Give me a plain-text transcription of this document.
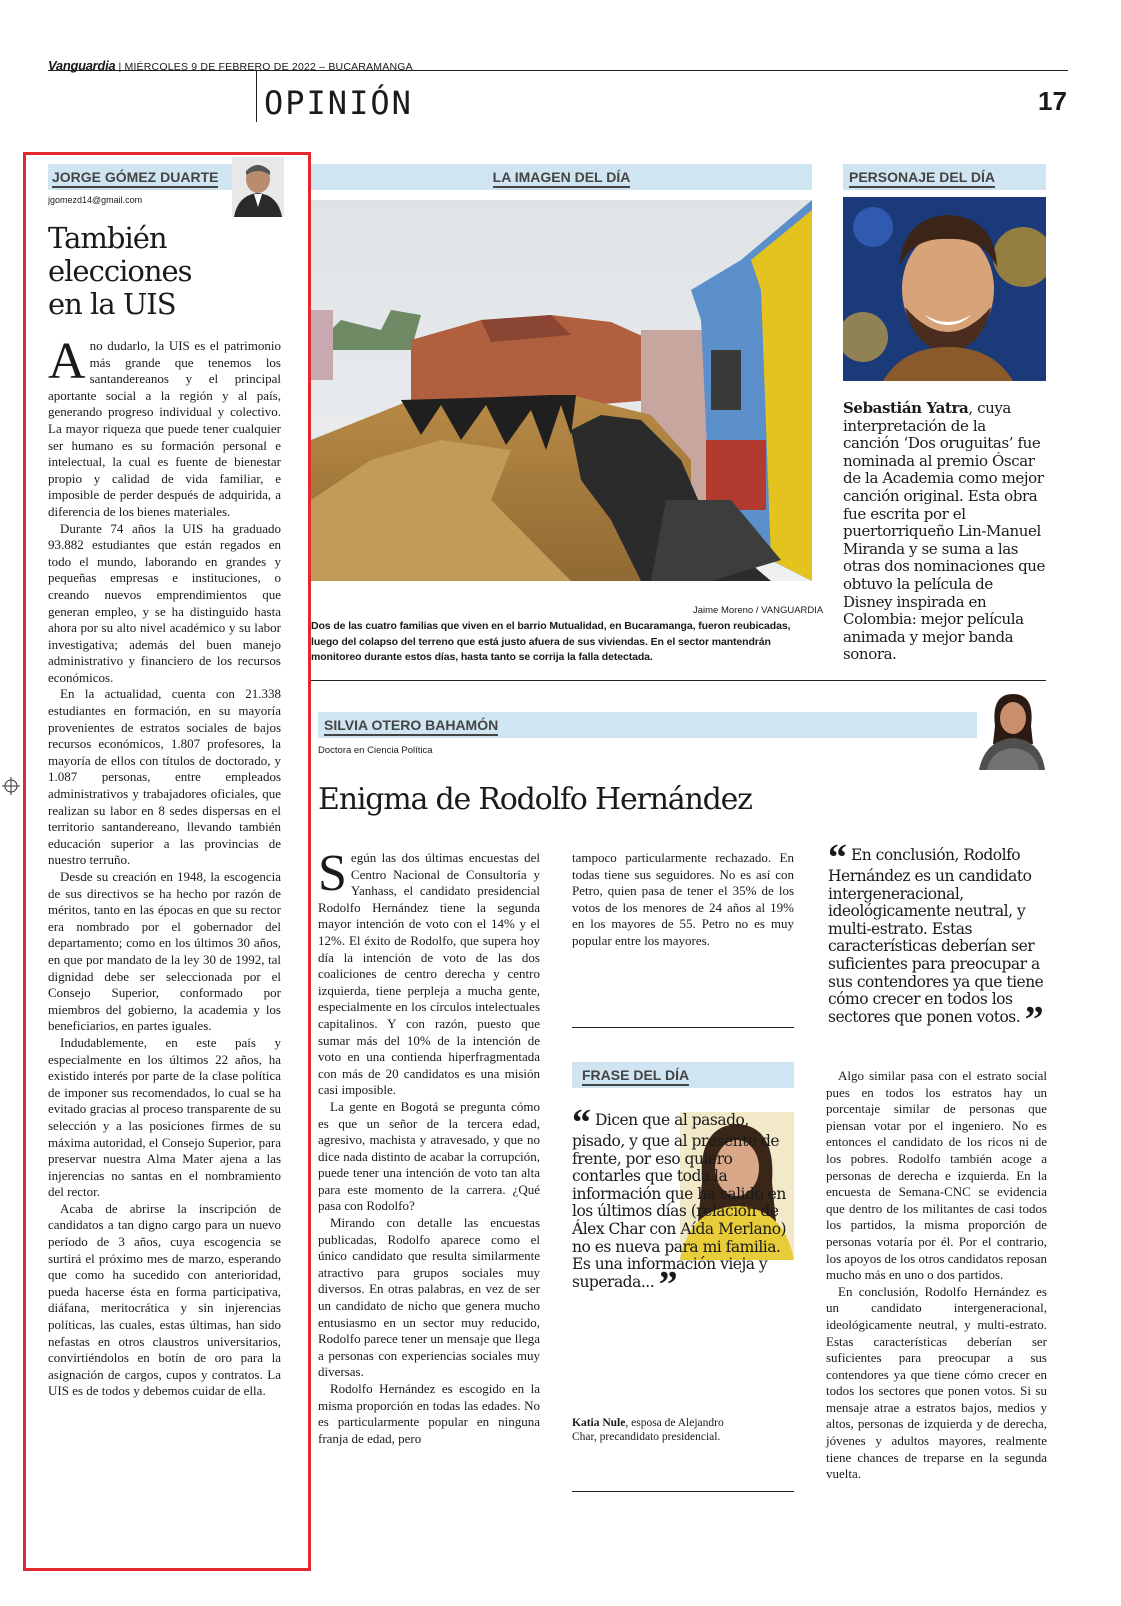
Vanguardia | MIÉRCOLES 9 DE FEBRERO DE 2022 – BUCARAMANGA
OPINIÓN	17
JORGE GÓMEZ DUARTE
jgomezd14@gmail.com
También elecciones en la UIS

Ano dudarlo, la UIS es el patrimonio más grande que tenemos los santandereanos y el principal aportante social a la región y al país, generando progreso individual y colectivo. La mayor riqueza que puede tener cualquier ser humano es su formación personal e intelectual, la cual es fuente de bienestar propio y calidad de vida familiar, e imposible de perder después de adquirida, a diferencia de los bienes materiales.

Durante 74 años la UIS ha graduado 93.882 estudiantes que están regados en todo el mundo, laborando en grandes y pequeñas empresas e instituciones, o creando nuevos emprendimientos que generan empleo, y se ha distinguido hasta ahora por su alto nivel académico y su labor investigativa; además del buen manejo administrativo y financiero de los recursos económicos.

En la actualidad, cuenta con 21.338 estudiantes en formación, en su mayoría provenientes de estratos sociales de bajos recursos económicos, 1.807 profesores, la mayoría de ellos con títulos de doctorado, y 1.087 personas, entre empleados administrativos y trabajadores oficiales, que realizan su labor en 8 sedes dispersas en el territorio santandereano, llevando también educación superior a las provincias de nuestro terruño.

Desde su creación en 1948, la escogencia de sus directivos se ha hecho por razón de méritos, tanto en las épocas en que su rector era nombrado por el gobernador del departamento; como en los últimos 30 años, en que por mandato de la ley 30 de 1992, tal dignidad debe ser seleccionada por el Consejo Superior, conformado por miembros del gobierno, la academia y los beneficiarios, en partes iguales.

Indudablemente, en este país y especialmente en los últimos 22 años, ha existido interés por parte de la clase política de imponer sus recomendados, lo cual se ha evitado gracias al proceso transparente de su selección y a las posiciones firmes de su máxima autoridad, el Consejo Superior, para preservar nuestra Alma Mater ajena a las injerencias no santas en el nombramiento del rector.

Acaba de abrirse la inscripción de candidatos a tan digno cargo para un nuevo período de 3 años, cuya escogencia se surtirá el próximo mes de marzo, esperando que como ha sucedido con anterioridad, pueda hacerse ésta en forma participativa, diáfana, meritocrática y sin injerencias políticas, las cuales, estas últimas, han sido nefastas en otros claustros universitarios, convirtiéndolos en botín de oro para la asignación de cargos, cupos y contratos. La UIS es de todos y debemos cuidar de ella.

LA IMAGEN DEL DÍA
Jaime Moreno / VANGUARDIA
Dos de las cuatro familias que viven en el barrio Mutualidad, en Bucaramanga, fueron reubicadas, luego del colapso del terreno que está justo afuera de sus viviendas. En el sector mantendrán monitoreo durante estos días, hasta tanto se corrija la falla detectada.
PERSONAJE DEL DÍA
Sebastián Yatra, cuya interpretación de la canción ‘Dos oruguitas’ fue nominada al premio Óscar de la Academia como mejor canción original. Esta obra fue escrita por el puertorriqueño Lin-Manuel Miranda y se suma a las otras dos nominaciones que obtuvo la película de Disney inspirada en Colombia: mejor película animada y mejor banda sonora.
SILVIA OTERO BAHAMÓN
Doctora en Ciencia Política
Enigma de Rodolfo Hernández

Según las dos últimas encuestas del Centro Nacional de Consultoría y Yanhass, el candidato presidencial Rodolfo Hernández tiene la segunda mayor intención de voto con el 14% y el 12%. El éxito de Rodolfo, que supera hoy día la intención de voto de las dos coaliciones de centro derecha y centro izquierda, tiene perpleja a mucha gente, especialmente en los círculos intelectuales capitalinos. Y con razón, puesto que sumar más del 10% de la intención de voto en una contienda hiperfragmentada con más de 20 candidatos es una misión casi imposible.

La gente en Bogotá se pregunta cómo es que un señor de la tercera edad, agresivo, machista y atravesado, y que no dice nada distinto de acabar la corrupción, puede tener una intención de voto tan alta para este momento de la carrera. ¿Qué pasa con Rodolfo?

Mirando con detalle las encuestas publicadas, Rodolfo aparece como el único candidato que resulta similarmente atractivo para grupos sociales muy diversos. En otras palabras, en vez de ser un candidato de nicho que genera mucho entusiasmo en un sector muy reducido, Rodolfo parece tener un mensaje que llega a personas con experiencias sociales muy diversas.

Rodolfo Hernández es escogido en la misma proporción en todas las edades. No es particularmente popular en ninguna franja de edad, pero

tampoco particularmente rechazado. En todas tiene sus seguidores. No es así con Petro, quien pasa de tener el 35% de los votos de los menores de 24 años al 19% en los mayores de 55. Petro no es muy popular entre los mayores.

“ En conclusión, Rodolfo Hernández es un candidato intergeneracional, ideológicamente neutral, y multi-estrato. Estas características deberían ser suficientes para preocupar a sus contendores ya que tiene cómo crecer en todos los sectores que ponen votos. ”
FRASE DEL DÍA
“ Dicen que al pasado, pisado, y que al presente de frente, por eso quiero contarles que toda la información que ha salido en los últimos días (relación de Álex Char con Aída Merlano) no es nueva para mi familia. Es una información vieja y superada... ”
Katia Nule, esposa de Alejandro Char, precandidato presidencial.

Algo similar pasa con el estrato social pues en todos los estratos hay un porcentaje similar de personas que piensan votar por el ingeniero. No es entonces el candidato de los ricos ni de los pobres. Rodolfo también acoge a personas de derecha e izquierda. En la encuesta de Semana-CNC se evidencia que dentro de los militantes de casi todos los partidos, la misma proporción de personas votaría por él. Por el contrario, los apoyos de los otros candidatos reposan mucho más en uno o dos partidos.

En conclusión, Rodolfo Hernández es un candidato intergeneracional, ideológicamente neutral, y multi-estrato. Estas características deberían ser suficientes para preocupar a sus contendores ya que tiene cómo crecer en todos los sectores que ponen votos. Si su mensaje atrae a estratos bajos, medios y altos, personas de izquierda y de derecha, jóvenes y adultos mayores, realmente tiene chances de treparse en la segunda vuelta.
